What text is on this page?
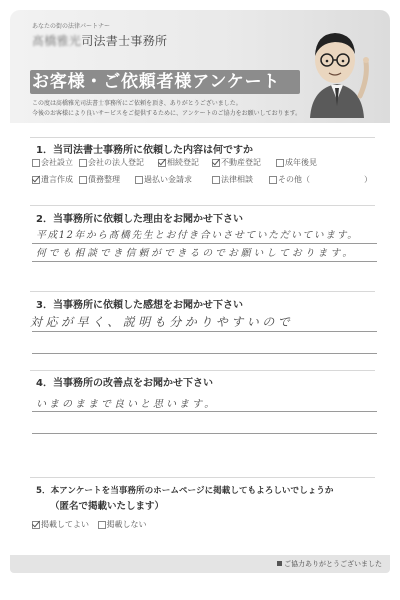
あなたの街の法律パートナー
髙橋雅光司法書士事務所
お客様・ご依頼者様アンケート
この度は髙橋雅光司法書士事務所にご依頼を頂き、ありがとうございました。
今後のお客様により良いサービスをご提供するために、アンケートのご協力をお願いしております。
1．当司法書士事務所に依頼した内容は何ですか
会社設立 会社の法人登記	相続登記	不動産登記	成年後見
遺言作成 債務整理	過払い金請求	法律相談	その他（	）
2．当事務所に依頼した理由をお聞かせ下さい
平成12年から髙橋先生とお付き合いさせていただいています。
何でも相談でき信頼ができるのでお願いしております。
3．当事務所に依頼した感想をお聞かせ下さい
対応が早く、説明も分かりやすいので
4．当事務所の改善点をお聞かせ下さい
いまのままで良いと思います。
5．本アンケートを当事務所のホームページに掲載してもよろしいでしょうか
（匿名で掲載いたします）
掲載してよい
掲載しない
ご協力ありがとうございました
